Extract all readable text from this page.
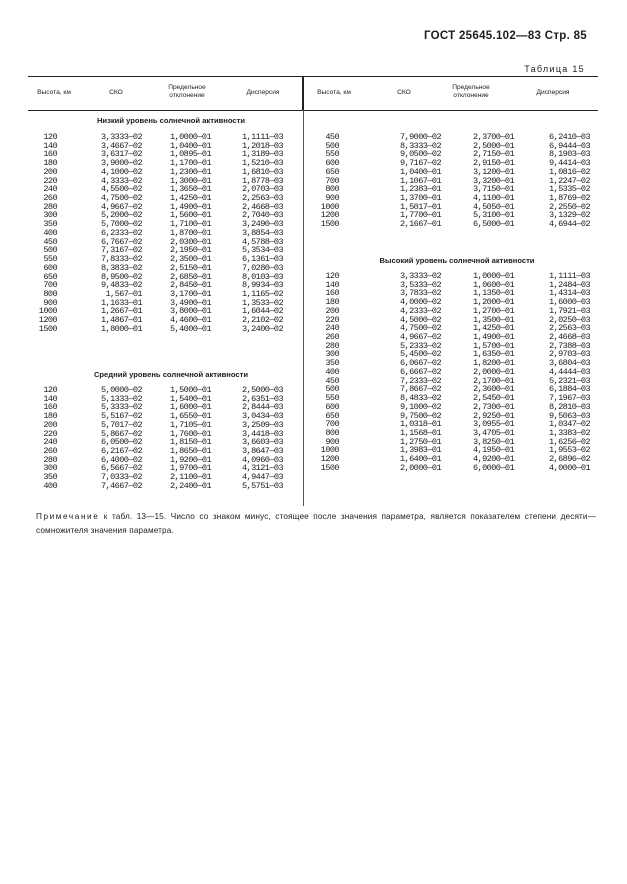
ГОСТ 25645.102—83 Стр. 85
Таблица 15
Высота, км	СКО
Предельное
отклонение	Дисперсия	Высота, км	СКО
Предельное
отклонение	Дисперсия
Низкий уровень солнечной активности
Средний уровень солнечной активности
Высокий уровень солнечной активности
120	3,3333—02	1,0000—01	1,1111—03
140	3,4667—02	1,0400—01	1,2018—03
160	3,6317—02	1,0895—01	1,3189—03
180	3,9000—02	1,1700—01	1,5210—03
200	4,1000—02	1,2300—01	1,6810—03
220	4,3333—02	1,3000—01	1,8778—03
240	4,5500—02	1,3650—01	2,0703—03
260	4,7500—02	1,4250—01	2,2563—03
280	4,9667—02	1,4900—01	2,4668—03
300	5,2000—02	1,5600—01	2,7040—03
350	5,7000—02	1,7100—01	3,2490—03
400	6,2333—02	1,8700—01	3,8854—03
450	6,7667—02	2,0300—01	4,5788—03
500	7,3167—02	2,1950—01	5,3534—03
550	7,8333—02	2,3500—01	6,1361—03
600	8,3833—02	2,5150—01	7,0280—03
650	8,9500—02	2,6850—01	8,0103—03
700	9,4833—02	2,8450—01	8,9934—03
800	1,567—01	3,1700—01	1,1165—02
900	1,1633—01	3,4900—01	1,3533—02
1000	1,2667—01	3,8000—01	1,6044—02
1200	1,4867—01	4,4600—01	2,2102—02
1500	1,8000—01	5,4000—01	3,2400—02
120	5,0000—02	1,5000—01	2,5000—03
140	5,1333—02	1,5400—01	2,6351—03
160	5,3333—02	1,6000—01	2,8444—03
180	5,5167—02	1,6550—01	3,0434—03
200	5,7017—02	1,7105—01	3,2509—03
220	5,8667—02	1,7600—01	3,4418—03
240	6,0500—02	1,8150—01	3,6603—03
260	6,2167—02	1,8650—01	3,8647—03
280	6,4000—02	1,9200—01	4,0960—03
300	6,5667—02	1,9700—01	4,3121—03
350	7,0333—02	2,1100—01	4,9447—03
400	7,4667—02	2,2400—01	5,5751—03
450	7,9000—02	2,3700—01	6,2410—03
500	8,3333—02	2,5000—01	6,9444—03
550	9,0500—02	2,7150—01	8,1903—03
600	9,7167—02	2,9150—01	9,4414—03
650	1,0400—01	3,1200—01	1,0816—02
700	1,1067—01	3,3200—01	1,2247—02
800	1,2383—01	3,7150—01	1,5335—02
900	1,3700—01	4,1100—01	1,8769—02
1000	1,5017—01	4,5050—01	2,2550—02
1200	1,7700—01	5,3100—01	3,1329—02
1500	2,1667—01	6,5000—01	4,6944—02
120	3,3333—02	1,0000—01	1,1111—03
140	3,5333—02	1,0600—01	1,2484—03
160	3,7833—02	1,1350—01	1,4314—03
180	4,0000—02	1,2000—01	1,6000—03
200	4,2333—02	1,2700—01	1,7921—03
220	4,5000—02	1,3500—01	2,0250—03
240	4,7500—02	1,4250—01	2,2563—03
260	4,9667—02	1,4900—01	2,4668—03
280	5,2333—02	1,5700—01	2,7388—03
300	5,4500—02	1,6350—01	2,9703—03
350	6,0667—02	1,8200—01	3,6804—03
400	6,6667—02	2,0000—01	4,4444—03
450	7,2333—02	2,1700—01	5,2321—03
500	7,8667—02	2,3600—01	6,1884—03
550	8,4833—02	2,5450—01	7,1967—03
600	9,1000—02	2,7300—01	8,2810—03
650	9,7500—02	2,9250—01	9,5063—03
700	1,0318—01	3,0955—01	1,0347—02
800	1,1568—01	3,4705—01	1,3383—02
900	1,2750—01	3,8250—01	1,6256—02
1000	1,3983—01	4,1950—01	1,9553—02
1200	1,6400—01	4,9200—01	2,6896—02
1500	2,0000—01	6,0000—01	4,0000—01
Примечание к табл. 13—15. Число со знаком минус, стоящее после значения параметра, является показателем степени десяти—сомножителя значения параметра.
